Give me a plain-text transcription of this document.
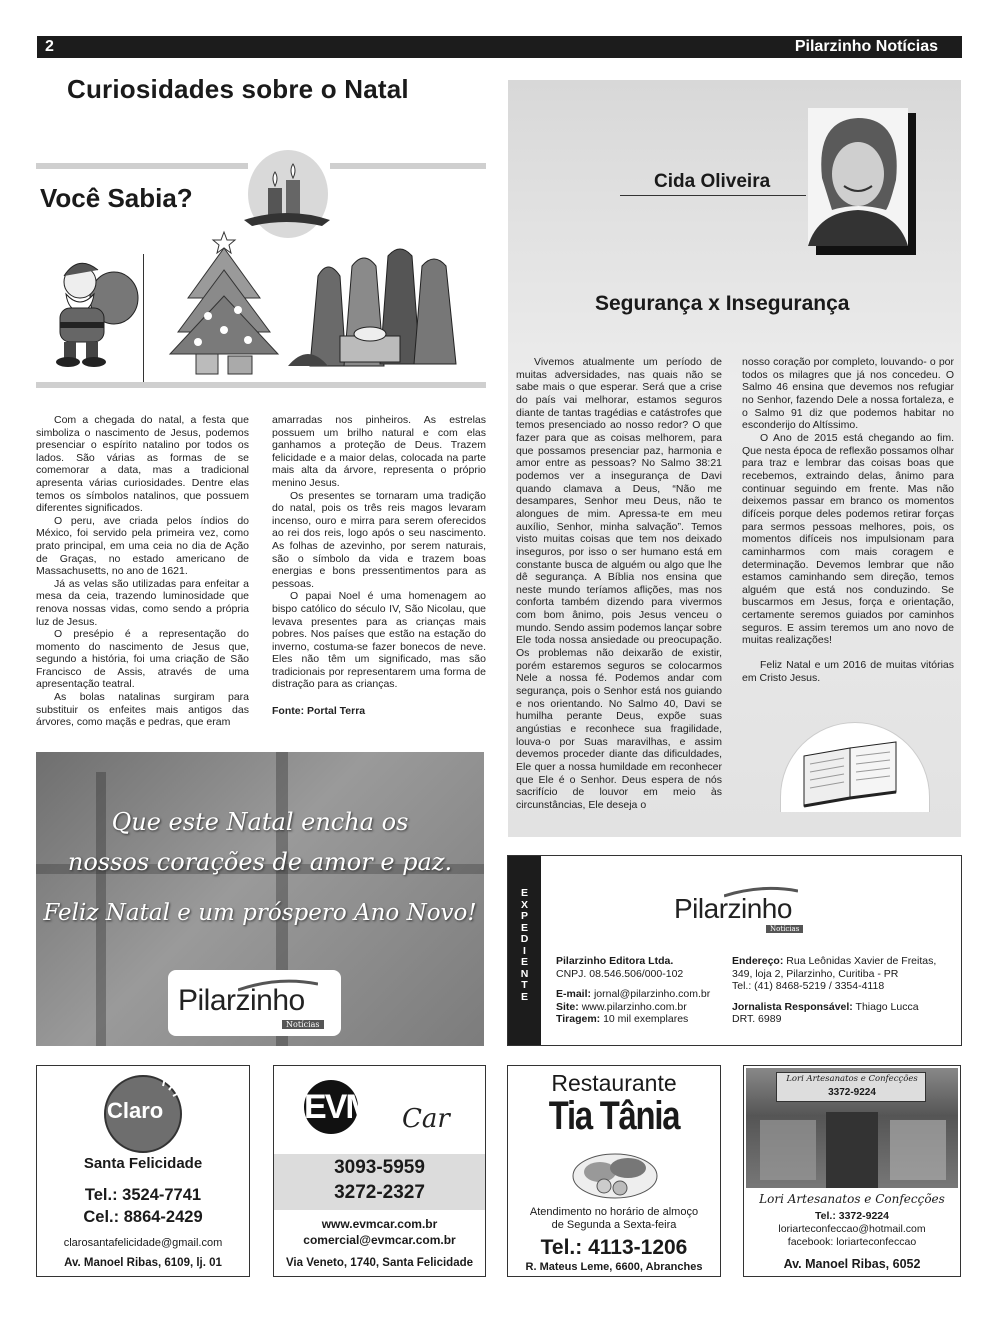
2	Pilarzinho Notícias
Curiosidades sobre o Natal
Você Sabia?

Com a chegada do natal, a festa que simboliza o nascimento de Jesus, podemos presenciar o espírito natalino por todos os lados. São várias as formas de se comemorar a data, mas a tradicional apresenta várias curiosidades. Dentre elas temos os símbolos natalinos, que possuem diferentes significados.

O peru, ave criada pelos índios do México, foi servido pela primeira vez, como prato principal, em uma ceia no dia de Ação de Graças, no estado americano de Massachusetts, no ano de 1621.

Já as velas são utilizadas para enfeitar a mesa da ceia, trazendo luminosidade que renova nossas vidas, como sendo a própria luz de Jesus.

O presépio é a representação do momento do nascimento de Jesus que, segundo a história, foi uma criação de São Francisco de Assis, através de uma apresentação teatral.

As bolas natalinas surgiram para substituir os enfeites mais antigos das árvores, como maçãs e pedras, que eram

amarradas nos pinheiros. As estrelas possuem um brilho natural e com elas ganhamos a proteção de Deus. Trazem felicidade e a maior delas, colocada na parte mais alta da árvore, representa o próprio menino Jesus.

Os presentes se tornaram uma tradição do natal, pois os três reis magos levaram incenso, ouro e mirra para serem oferecidos ao rei dos reis, logo após o seu nascimento. As folhas de azevinho, por serem naturais, são o símbolo da vida e trazem boas energias e bons pressentimentos para as pessoas.

O papai Noel é uma homenagem ao bispo católico do século IV, São Nicolau, que levava presentes para as crianças mais pobres. Nos países que estão na estação do inverno, costuma-se fazer bonecos de neve. Eles não têm um significado, mas são tradicionais por representarem uma forma de distração para as crianças.

Fonte: Portal Terra

Cida Oliveira
Segurança x Insegurança

Vivemos atualmente um período de muitas adversidades, nas quais não se sabe mais o que esperar. Será que a crise do país vai melhorar, estamos seguros diante de tantas tragédias e catástrofes que temos presenciado ao nosso redor? O que fazer para que as coisas melhorem, para que possamos presenciar paz, harmonia e amor entre as pessoas? No Salmo 38:21 podemos ver a insegurança de Davi quando clamava a Deus, “Não me desampares, Senhor meu Deus, não te alongues de mim. Apressa-te em meu auxílio, Senhor, minha salvação”. Temos visto muitas coisas que tem nos deixado inseguros, por isso o ser humano está em constante busca de alguém ou algo que lhe dê segurança. A Bíblia nos ensina que neste mundo teríamos aflições, mas nos conforta também dizendo para vivermos com bom ânimo, pois Jesus venceu o mundo. Sendo assim podemos lançar sobre Ele toda nossa ansiedade ou preocupação. Os problemas não deixarão de existir, porém estaremos seguros se colocarmos Nele a nossa fé. Podemos andar com segurança, pois o Senhor está nos guiando e nos orientando. No Salmo 40, Davi se humilha perante Deus, expõe suas angústias e reconhece sua fragilidade, louva-o por Suas maravilhas, e assim devemos proceder diante das dificuldades, Ele quer a nossa humildade em reconhecer que Ele é o Senhor. Deus espera de nós sacrifício de louvor em meio às circunstâncias, Ele deseja o

nosso coração por completo, louvando- o por todos os milagres que já nos concedeu. O Salmo 46 ensina que devemos nos refugiar no Senhor, fazendo Dele a nossa fortaleza, e o Salmo 91 diz que podemos habitar no esconderijo do Altíssimo.

O Ano de 2015 está chegando ao fim. Que nesta época de reflexão possamos olhar para traz e lembrar das coisas boas que recebemos, extraindo delas, ânimo para continuar seguindo em frente. Mas não deixemos passar em branco os momentos difíceis porque deles podemos retirar forças para sermos pessoas melhores, pois, os momentos difíceis nos impulsionam para caminharmos com mais coragem e determinação. Devemos lembrar que não estamos caminhando sem direção, temos alguém que está nos conduzindo. Se buscarmos em Jesus, força e orientação, certamente seremos guiados por caminhos seguros. E assim teremos um ano novo de muitas realizações!

Feliz Natal e um 2016 de muitas vitórias em Cristo Jesus.

Que este Natal encha os
nossos corações de amor e paz.
Feliz Natal e um próspero Ano Novo!
Pilarzinho
Notícias
E
X
P
E
D
I
E
N
T
E
Pilarzinho
Notícias
Pilarzinho Editora Ltda.
CNPJ. 08.546.506/000-102
E-mail: jornal@pilarzinho.com.br
Site: www.pilarzinho.com.br
Tiragem: 10 mil exemplares
Endereço: Rua Leônidas Xavier de Freitas,
349, loja 2, Pilarzinho, Curitiba - PR
Tel.: (41) 8468-5219 / 3354-4118
Jornalista Responsável: Thiago Lucca
DRT. 6989
Claro
Santa Felicidade
Tel.: 3524-7741
Cel.: 8864-2429
clarosantafelicidade@gmail.com
Av. Manoel Ribas, 6109, lj. 01
EVM Car
3093-5959
3272-2327
www.evmcar.com.br
comercial@evmcar.com.br
Via Veneto, 1740, Santa Felicidade
Restaurante
Tia Tânia
Atendimento no horário de almoço
de Segunda a Sexta-feira
Tel.: 4113-1206
R. Mateus Leme, 6600, Abranches
Lori Artesanatos e Confecções
3372-9224
Lori Artesanatos e Confecções
Tel.: 3372-9224
loriarteconfeccao@hotmail.com
facebook: loriarteconfeccao
Av. Manoel Ribas, 6052
